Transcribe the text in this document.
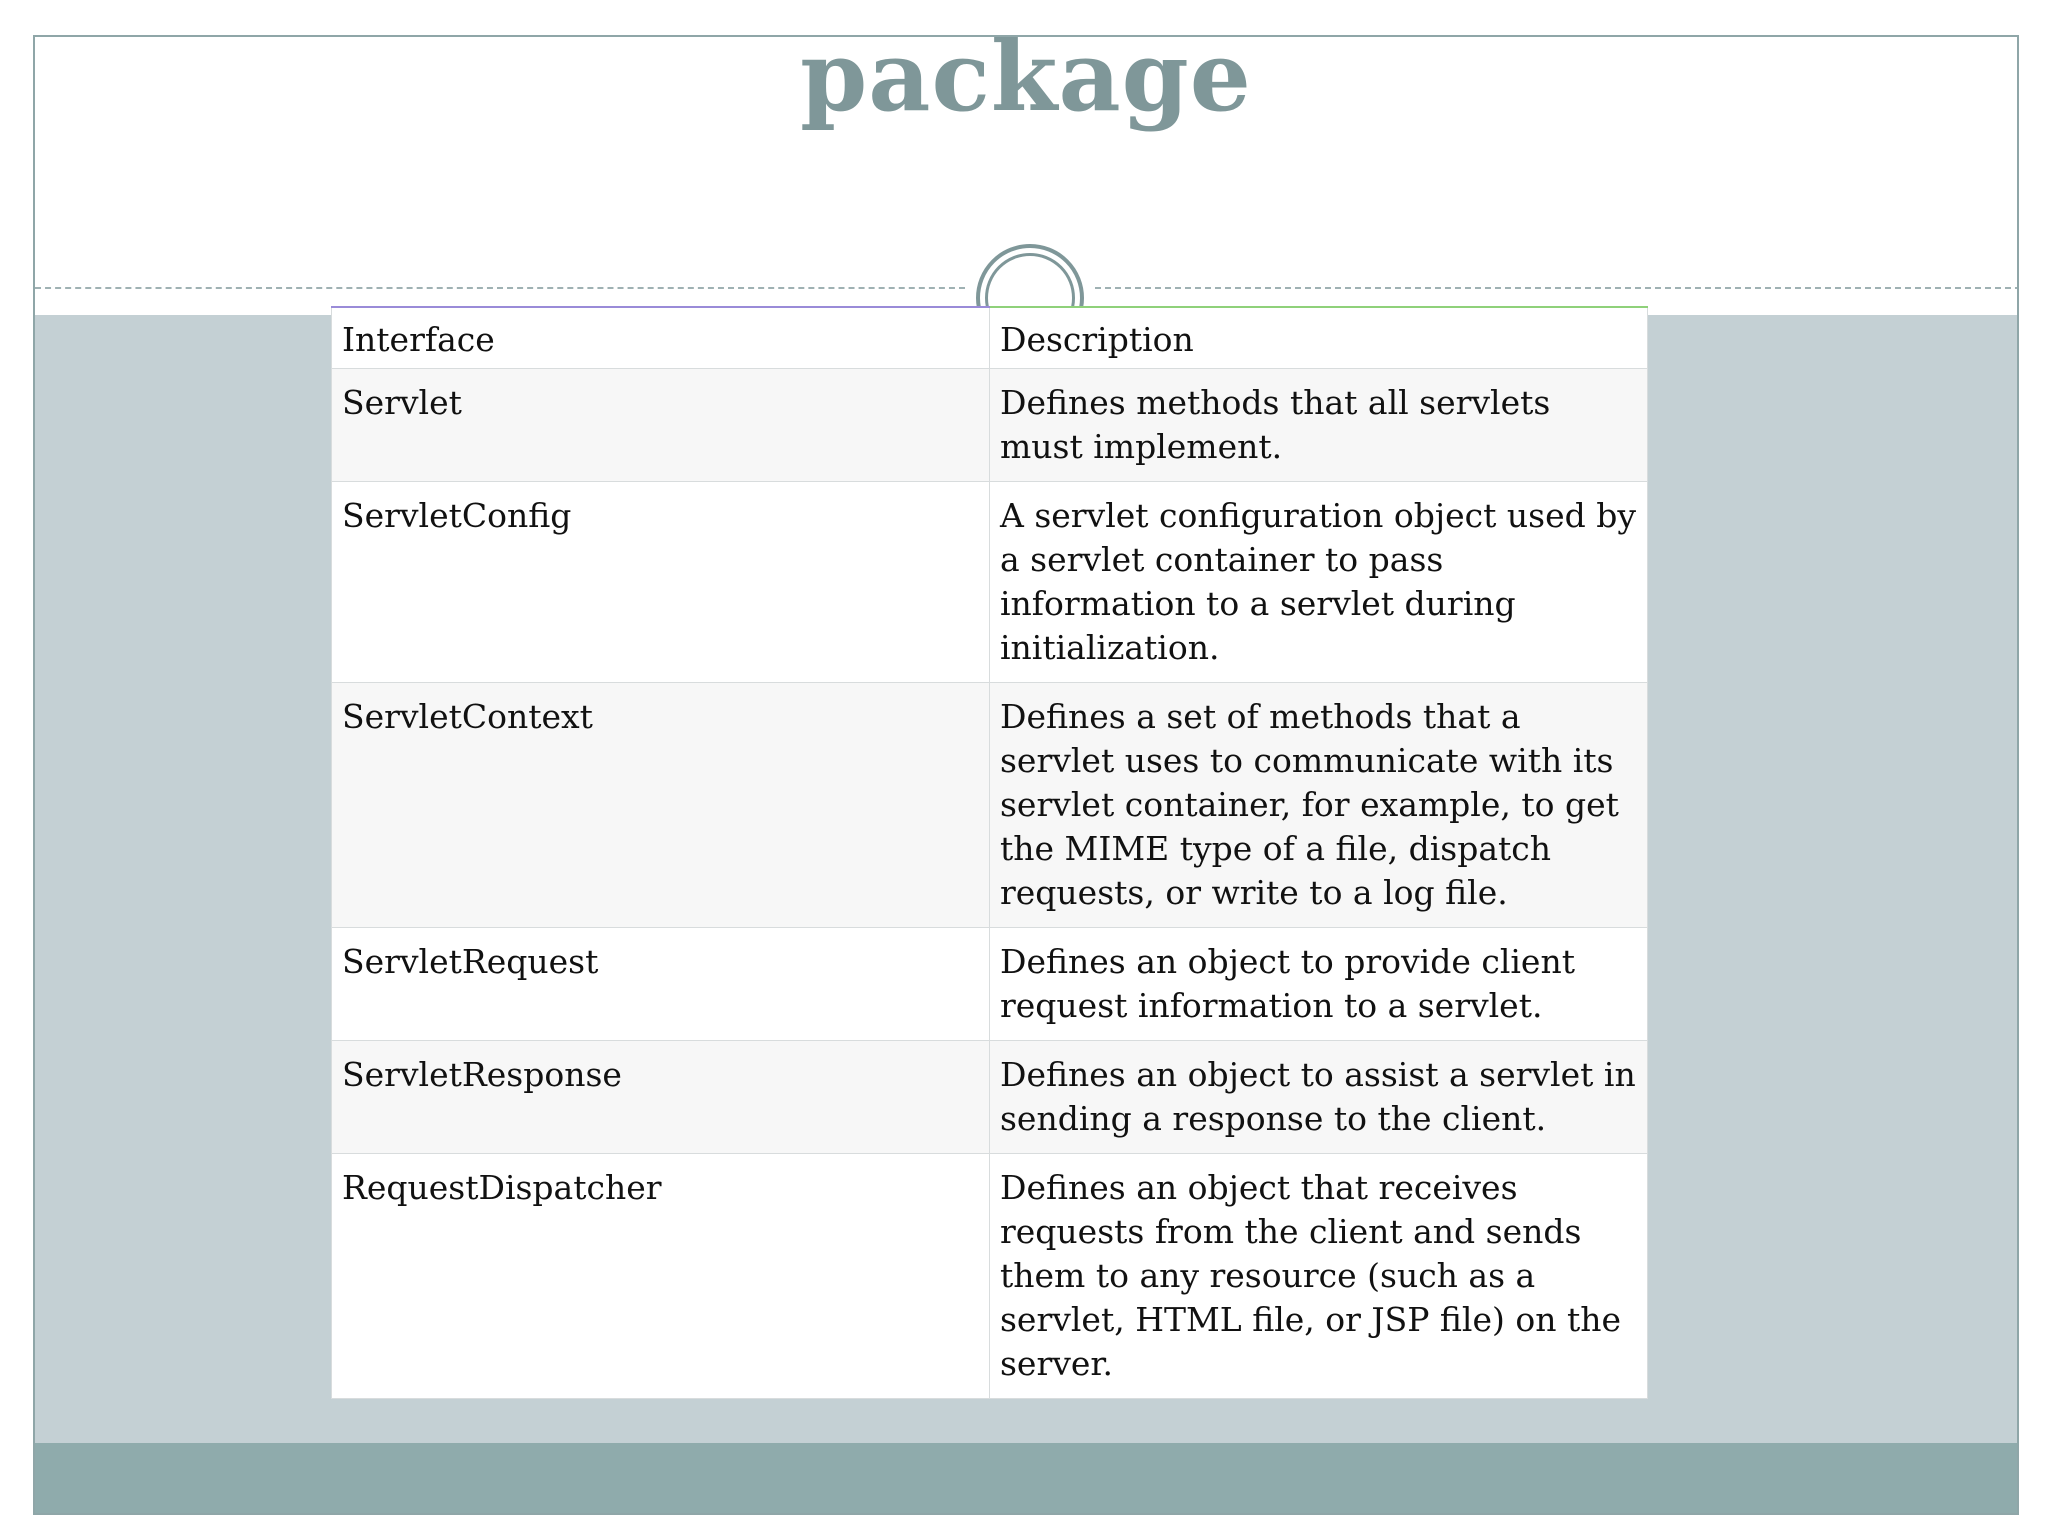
package
Interface	Description
Servlet	Defines methods that all servlets must implement.
ServletConfig	A servlet configuration object used by a servlet container to pass information to a servlet during initialization.
ServletContext	Defines a set of methods that a servlet uses to communicate with its servlet container, for example, to get the MIME type of a file, dispatch requests, or write to a log file.
ServletRequest	Defines an object to provide client request information to a servlet.
ServletResponse	Defines an object to assist a servlet in sending a response to the client.
RequestDispatcher	Defines an object that receives requests from the client and sends them to any resource (such as a servlet, HTML file, or JSP file) on the server.
